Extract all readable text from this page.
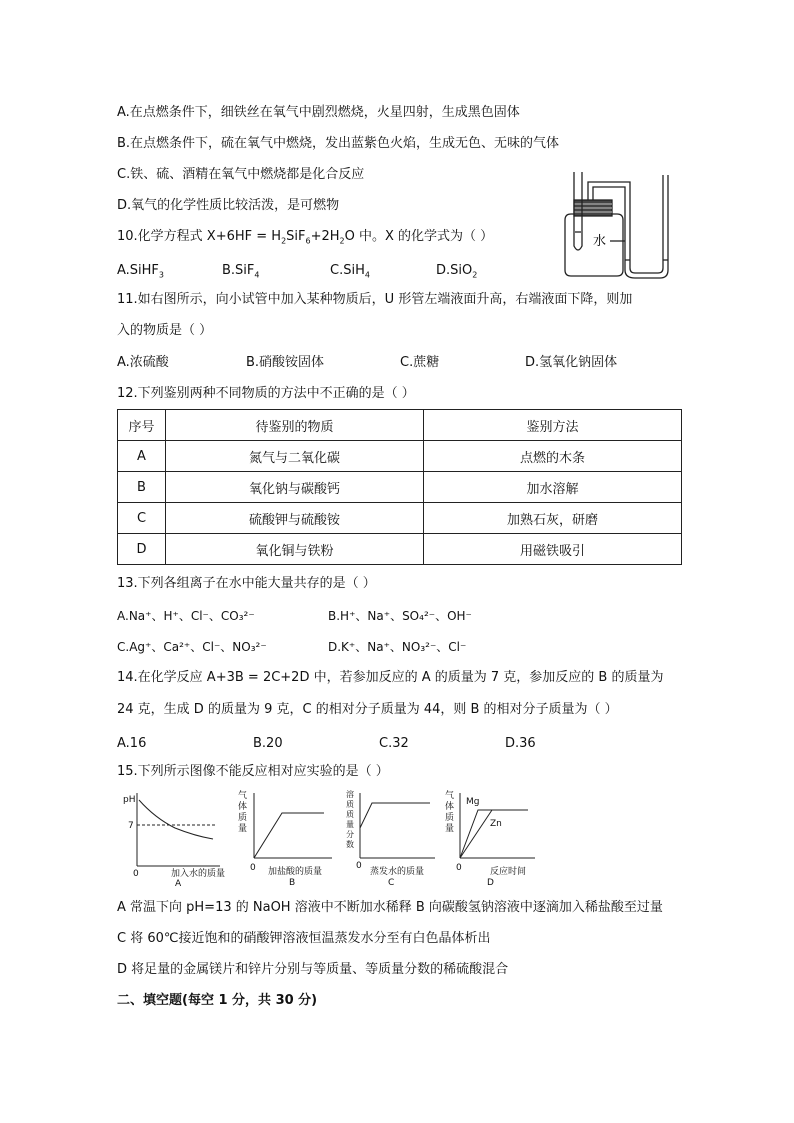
A.在点燃条件下，细铁丝在氧气中剧烈燃烧，火星四射，生成黑色固体
B.在点燃条件下，硫在氧气中燃烧，发出蓝紫色火焰，生成无色、无味的气体
C.铁、硫、酒精在氧气中燃烧都是化合反应
D.氧气的化学性质比较活泼，是可燃物
10.化学方程式 $X+6HF = H_2SiF_6+2H_2O$ 中。X 的化学式为（ ）
A.SiHF$_3$	B.SiF$_4$	C.SiH$_4$	D.SiO$_2$
水
11.如右图所示，向小试管中加入某种物质后，U 形管左端液面升高，右端液面下降，则加
入的物质是（ ）
A.浓硫酸	B.硝酸铵固体	C.蔗糖	D.氢氧化钠固体
12.下列鉴别两种不同物质的方法中不正确的是（ ）
序号	待鉴别的物质	鉴别方法
A	氮气与二氧化碳	点燃的木条
B	氧化钠与碳酸钙	加水溶解
C	硫酸钾与硫酸铵	加熟石灰，研磨
D	氧化铜与铁粉	用磁铁吸引
13.下列各组离子在水中能大量共存的是（ ）
A.Na⁺、H⁺、Cl⁻、CO₃²⁻	B.H⁺、Na⁺、SO₄²⁻、OH⁻
C.Ag⁺、Ca²⁺、Cl⁻、NO₃²⁻	D.K⁺、Na⁺、NO₃²⁻、Cl⁻
14.在化学反应 A+3B = 2C+2D 中，若参加反应的 A 的质量为 7 克，参加反应的 B 的质量为
24 克，生成 D 的质量为 9 克，C 的相对分子质量为 44，则 B 的相对分子质量为（ ）
A.16	B.20	C.32	D.36
15.下列所示图像不能反应相对应实验的是（ ）
pH
7
0	加入水的质量
A
气
体
质
量
0 加盐酸的质量
B
溶
质
质
量
分
数
0
蒸发水的质量
C
气
体
质
量
Mg
Zn
0	反应时间
D
A 常温下向 pH=13 的 NaOH 溶液中不断加水稀释 B 向碳酸氢钠溶液中逐滴加入稀盐酸至过量
C 将 60℃接近饱和的硝酸钾溶液恒温蒸发水分至有白色晶体析出
D 将足量的金属镁片和锌片分别与等质量、等质量分数的稀硫酸混合
二、填空题(每空 1 分，共 30 分)
